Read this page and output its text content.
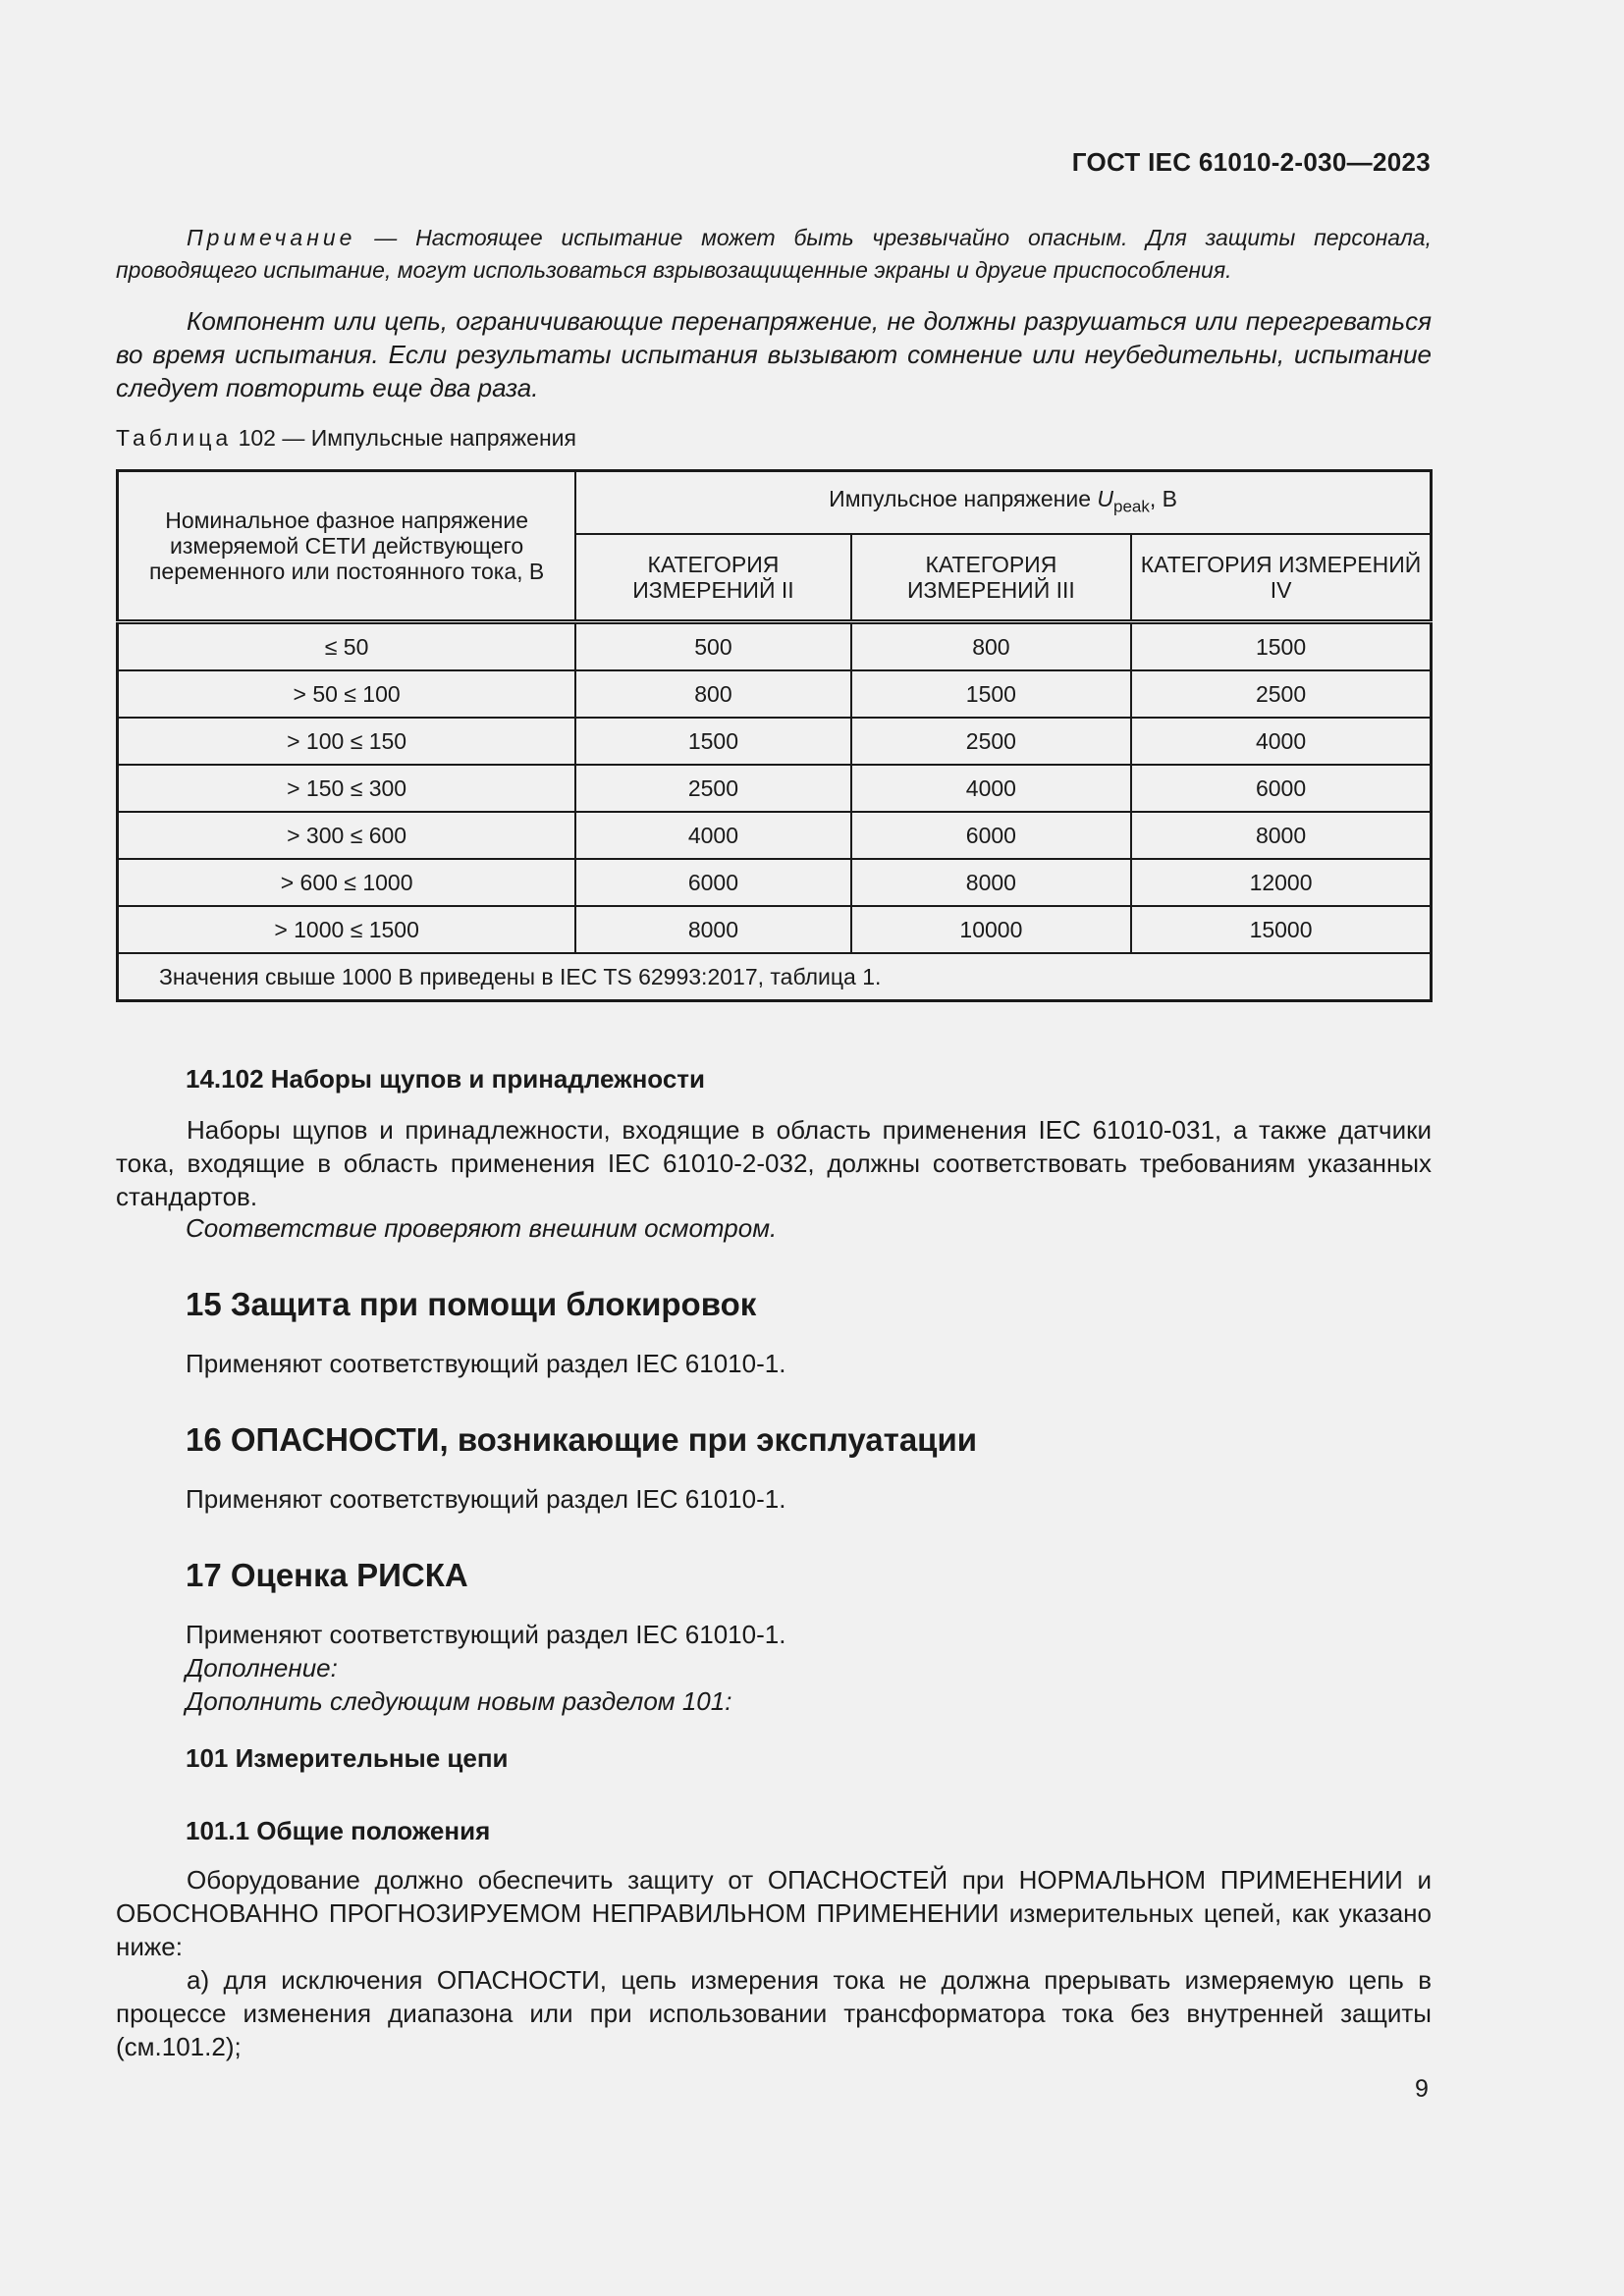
ГОСТ IEC 61010-2-030—2023
Примечание — Настоящее испытание может быть чрезвычайно опасным. Для защиты персонала, проводящего испытание, могут использоваться взрывозащищенные экраны и другие приспособления.
Компонент или цепь, ограничивающие перенапряжение, не должны разрушаться или перегреваться во время испытания. Если результаты испытания вызывают сомнение или неубедительны, испытание следует повторить еще два раза.
Таблица 102 — Импульсные напряжения
Номинальное фазное напряжение измеряемой СЕТИ действующего переменного или постоянного тока, В	Импульсное напряжение $U_{peak}$, В		
	КАТЕГОРИЯ ИЗМЕРЕНИЙ II	КАТЕГОРИЯ ИЗМЕРЕНИЙ III	КАТЕГОРИЯ ИЗМЕРЕНИЙ IV
≤ 50	500	800	1500
> 50 ≤ 100	800	1500	2500
> 100 ≤ 150	1500	2500	4000
> 150 ≤ 300	2500	4000	6000
> 300 ≤ 600	4000	6000	8000
> 600 ≤ 1000	6000	8000	12000
> 1000 ≤ 1500	8000	10000	15000
Значения свыше 1000 В приведены в IEC TS 62993:2017, таблица 1.			
14.102 Наборы щупов и принадлежности
Наборы щупов и принадлежности, входящие в область применения IEC 61010-031, а также датчики тока, входящие в область применения IEC 61010-2-032, должны соответствовать требованиям указанных стандартов.
Соответствие проверяют внешним осмотром.
15 Защита при помощи блокировок
Применяют соответствующий раздел IEC 61010-1.
16 ОПАСНОСТИ, возникающие при эксплуатации
Применяют соответствующий раздел IEC 61010-1.
17 Оценка РИСКА
Применяют соответствующий раздел IEC 61010-1.
Дополнение:
Дополнить следующим новым разделом 101:
101 Измерительные цепи
101.1 Общие положения
Оборудование должно обеспечить защиту от ОПАСНОСТЕЙ при НОРМАЛЬНОМ ПРИМЕНЕНИИ и ОБОСНОВАННО ПРОГНОЗИРУЕМОМ НЕПРАВИЛЬНОМ ПРИМЕНЕНИИ измерительных цепей, как указано ниже:
a) для исключения ОПАСНОСТИ, цепь измерения тока не должна прерывать измеряемую цепь в процессе изменения диапазона или при использовании трансформатора тока без внутренней защиты (см.101.2);
9
